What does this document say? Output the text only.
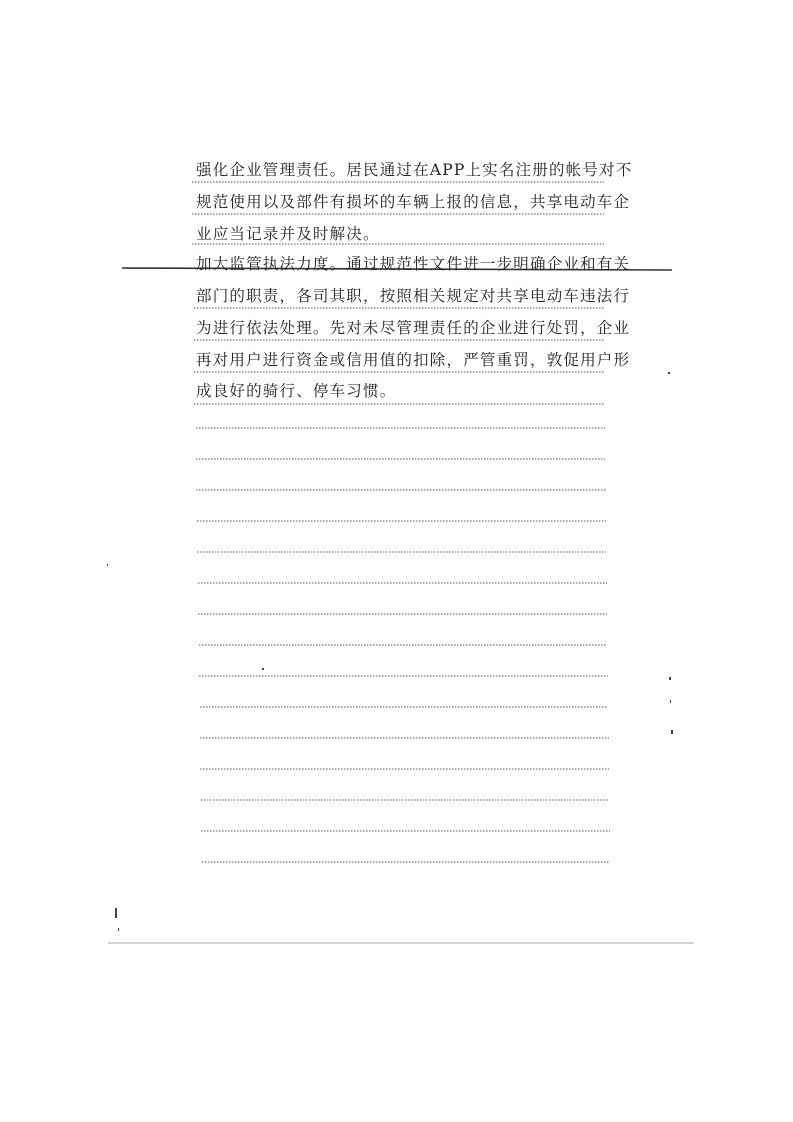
强化企业管理责任。居民通过在APP上实名注册的帐号对不
规范使用以及部件有损坏的车辆上报的信息，共享电动车企
业应当记录并及时解决。
加大监管执法力度。通过规范性文件进一步明确企业和有关
部门的职责，各司其职，按照相关规定对共享电动车违法行
为进行依法处理。先对未尽管理责任的企业进行处罚，企业
再对用户进行资金或信用值的扣除，严管重罚，敦促用户形
成良好的骑行、停车习惯。
